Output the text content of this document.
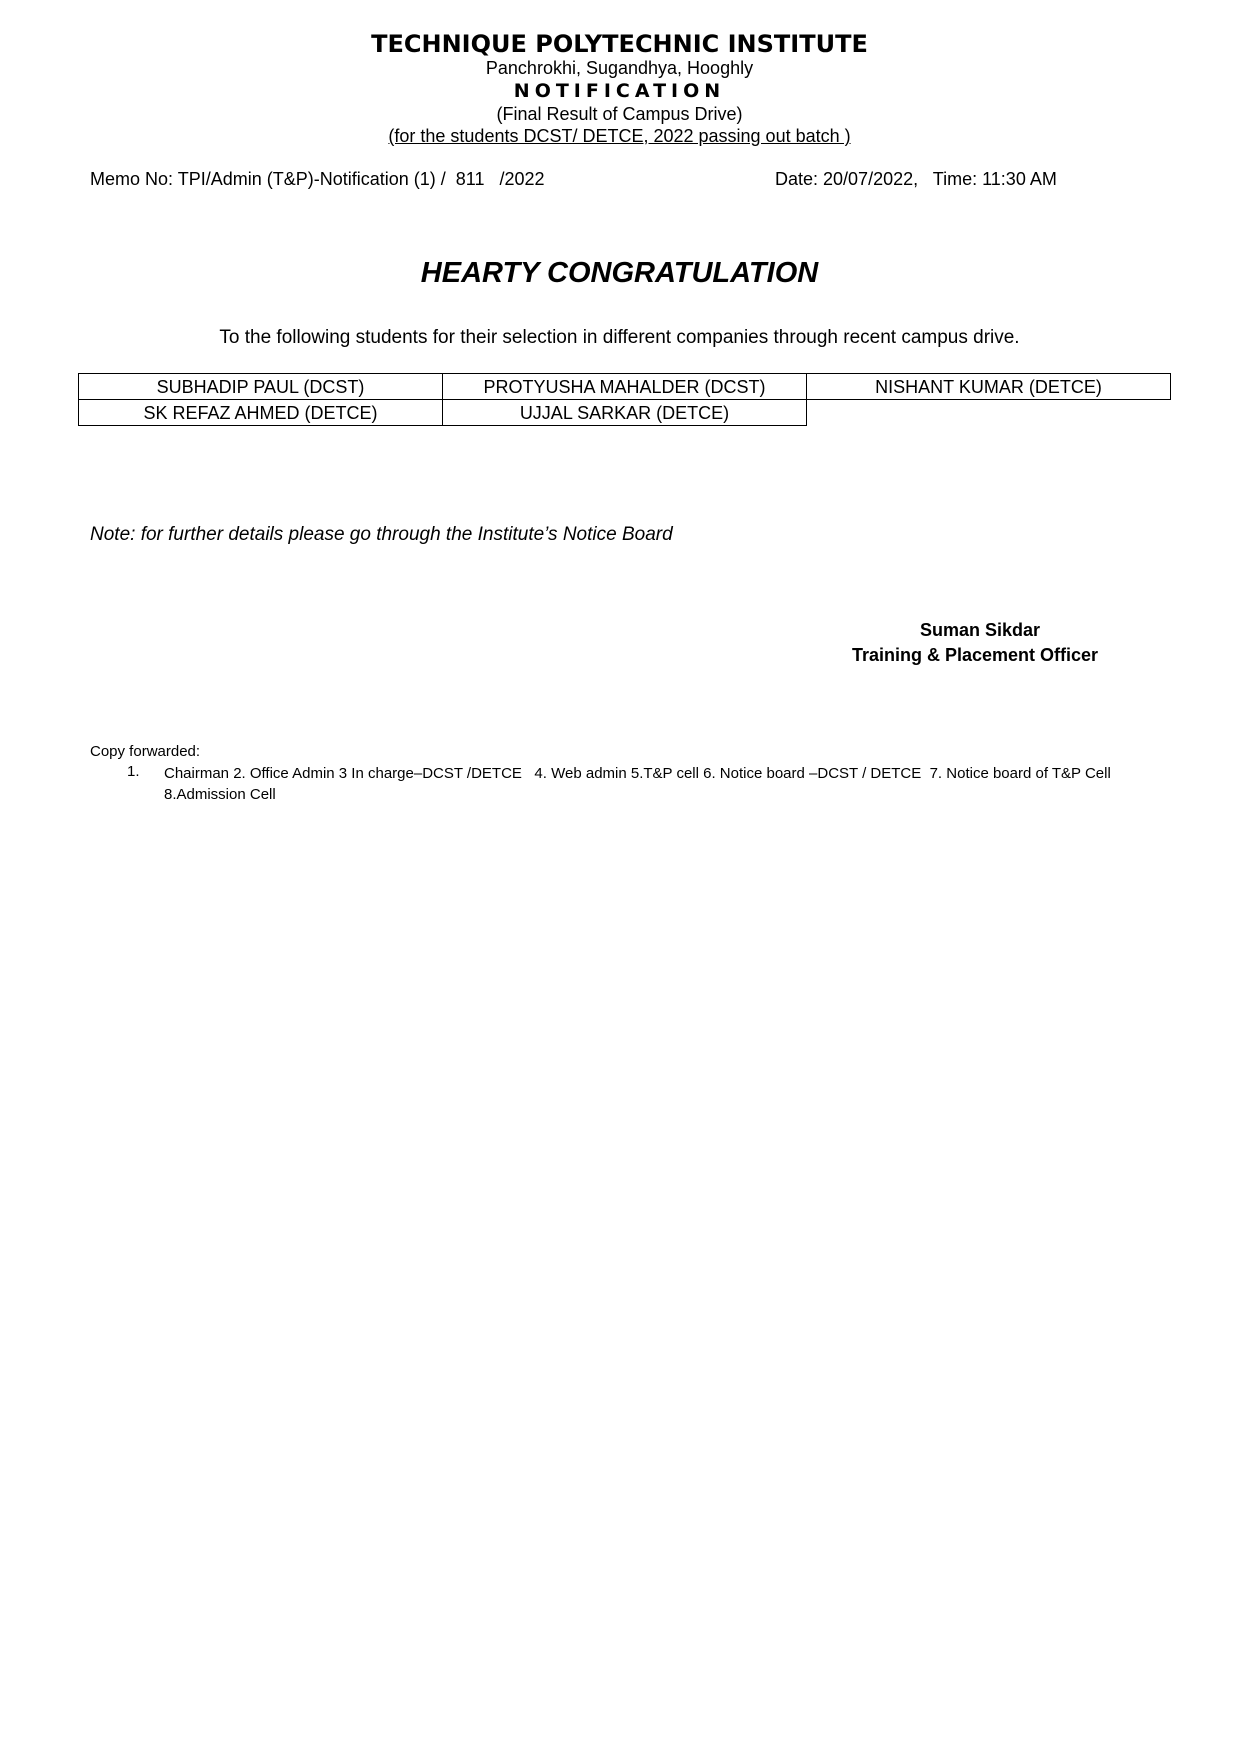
TECHNIQUE POLYTECHNIC INSTITUTE
Panchrokhi, Sugandhya, Hooghly
NOTIFICATION
(Final Result of Campus Drive)
(for the students DCST/ DETCE, 2022 passing out batch )
Memo No: TPI/Admin (T&P)-Notification (1) /  811   /2022	Date: 20/07/2022,   Time: 11:30 AM
HEARTY CONGRATULATION
To the following students for their selection in different companies through recent campus drive.
SUBHADIP PAUL (DCST)	PROTYUSHA MAHALDER (DCST)	NISHANT KUMAR (DETCE)
SK REFAZ AHMED (DETCE)	UJJAL SARKAR (DETCE)	
Note: for further details please go through the Institute’s Notice Board
Suman Sikdar
Training & Placement Officer
Copy forwarded:
1. Chairman 2. Office Admin 3 In charge–DCST /DETCE   4. Web admin 5.T&P cell 6. Notice board –DCST / DETCE  7. Notice board of T&P Cell
8.Admission Cell
